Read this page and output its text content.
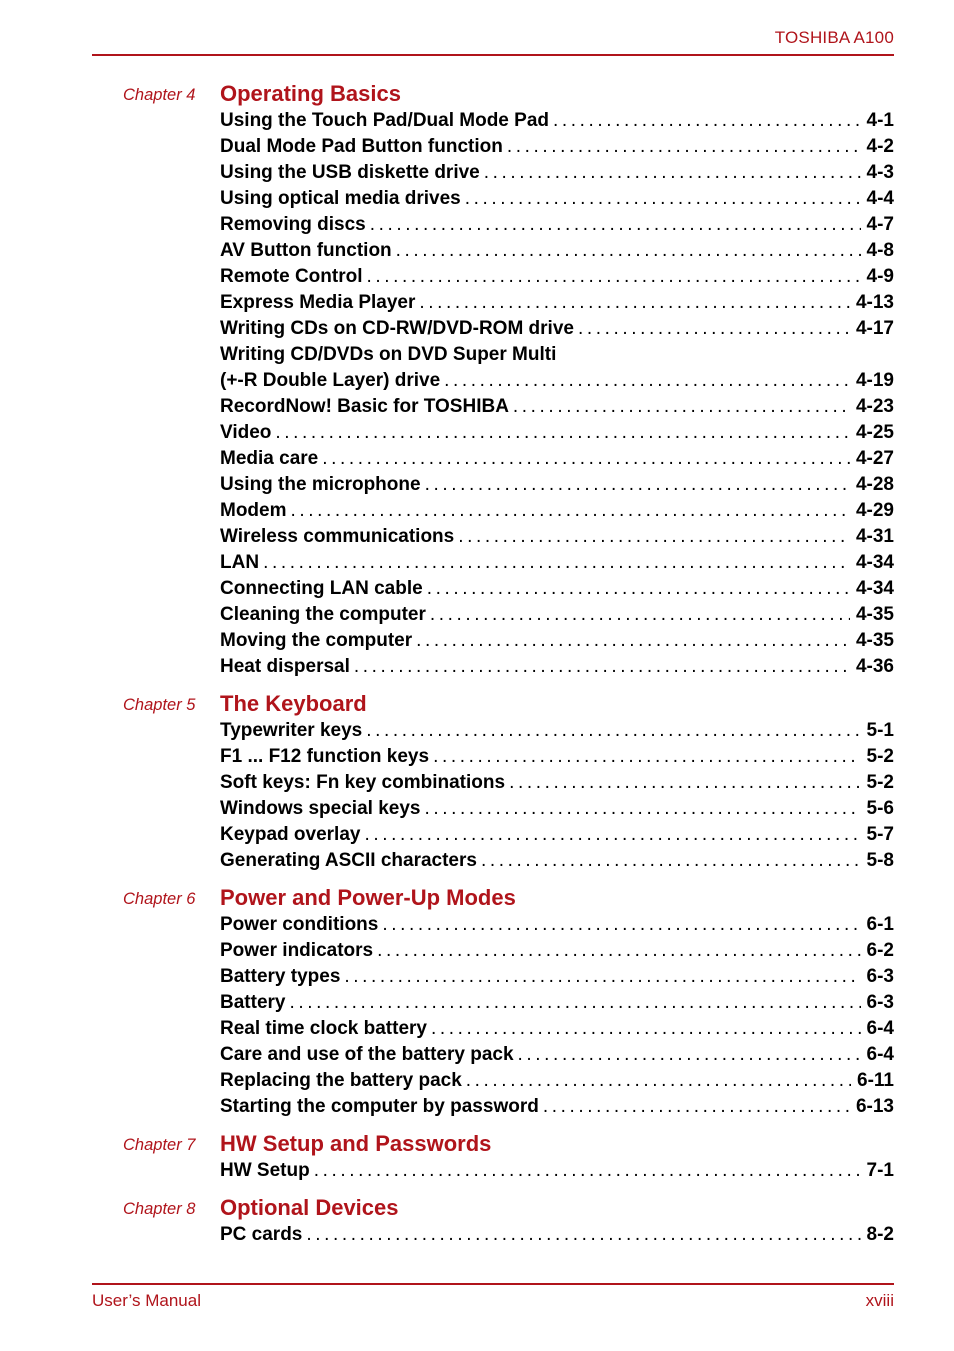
TOSHIBA A100
Chapter 4 Operating Basics
Using the Touch Pad/Dual Mode Pad .....	4-1
Dual Mode Pad Button function .....	4-2
Using the USB diskette drive .....	4-3
Using optical media drives .....	4-4
Removing discs .....	4-7
AV Button function .....	4-8
Remote Control .....	4-9
Express Media Player .....	4-13
Writing CDs on CD-RW/DVD-ROM drive .....	4-17
Writing CD/DVDs on DVD Super Multi
(+-R Double Layer) drive .....	4-19
RecordNow! Basic for TOSHIBA .....	4-23
Video .....	4-25
Media care .....	4-27
Using the microphone .....	4-28
Modem .....	4-29
Wireless communications .....	4-31
LAN .....	4-34
Connecting LAN cable .....	4-34
Cleaning the computer .....	4-35
Moving the computer .....	4-35
Heat dispersal .....	4-36
Chapter 5 The Keyboard
Typewriter keys .....	5-1
F1 ... F12 function keys .....	5-2
Soft keys: Fn key combinations .....	5-2
Windows special keys .....	5-6
Keypad overlay .....	5-7
Generating ASCII characters .....	5-8
Chapter 6 Power and Power-Up Modes
Power conditions .....	6-1
Power indicators .....	6-2
Battery types .....	6-3
Battery .....	6-3
Real time clock battery .....	6-4
Care and use of the battery pack .....	6-4
Replacing the battery pack .....	6-11
Starting the computer by password .....	6-13
Chapter 7 HW Setup and Passwords
HW Setup .....	7-1
Chapter 8 Optional Devices
PC cards .....	8-2
User’s Manual	xviii
